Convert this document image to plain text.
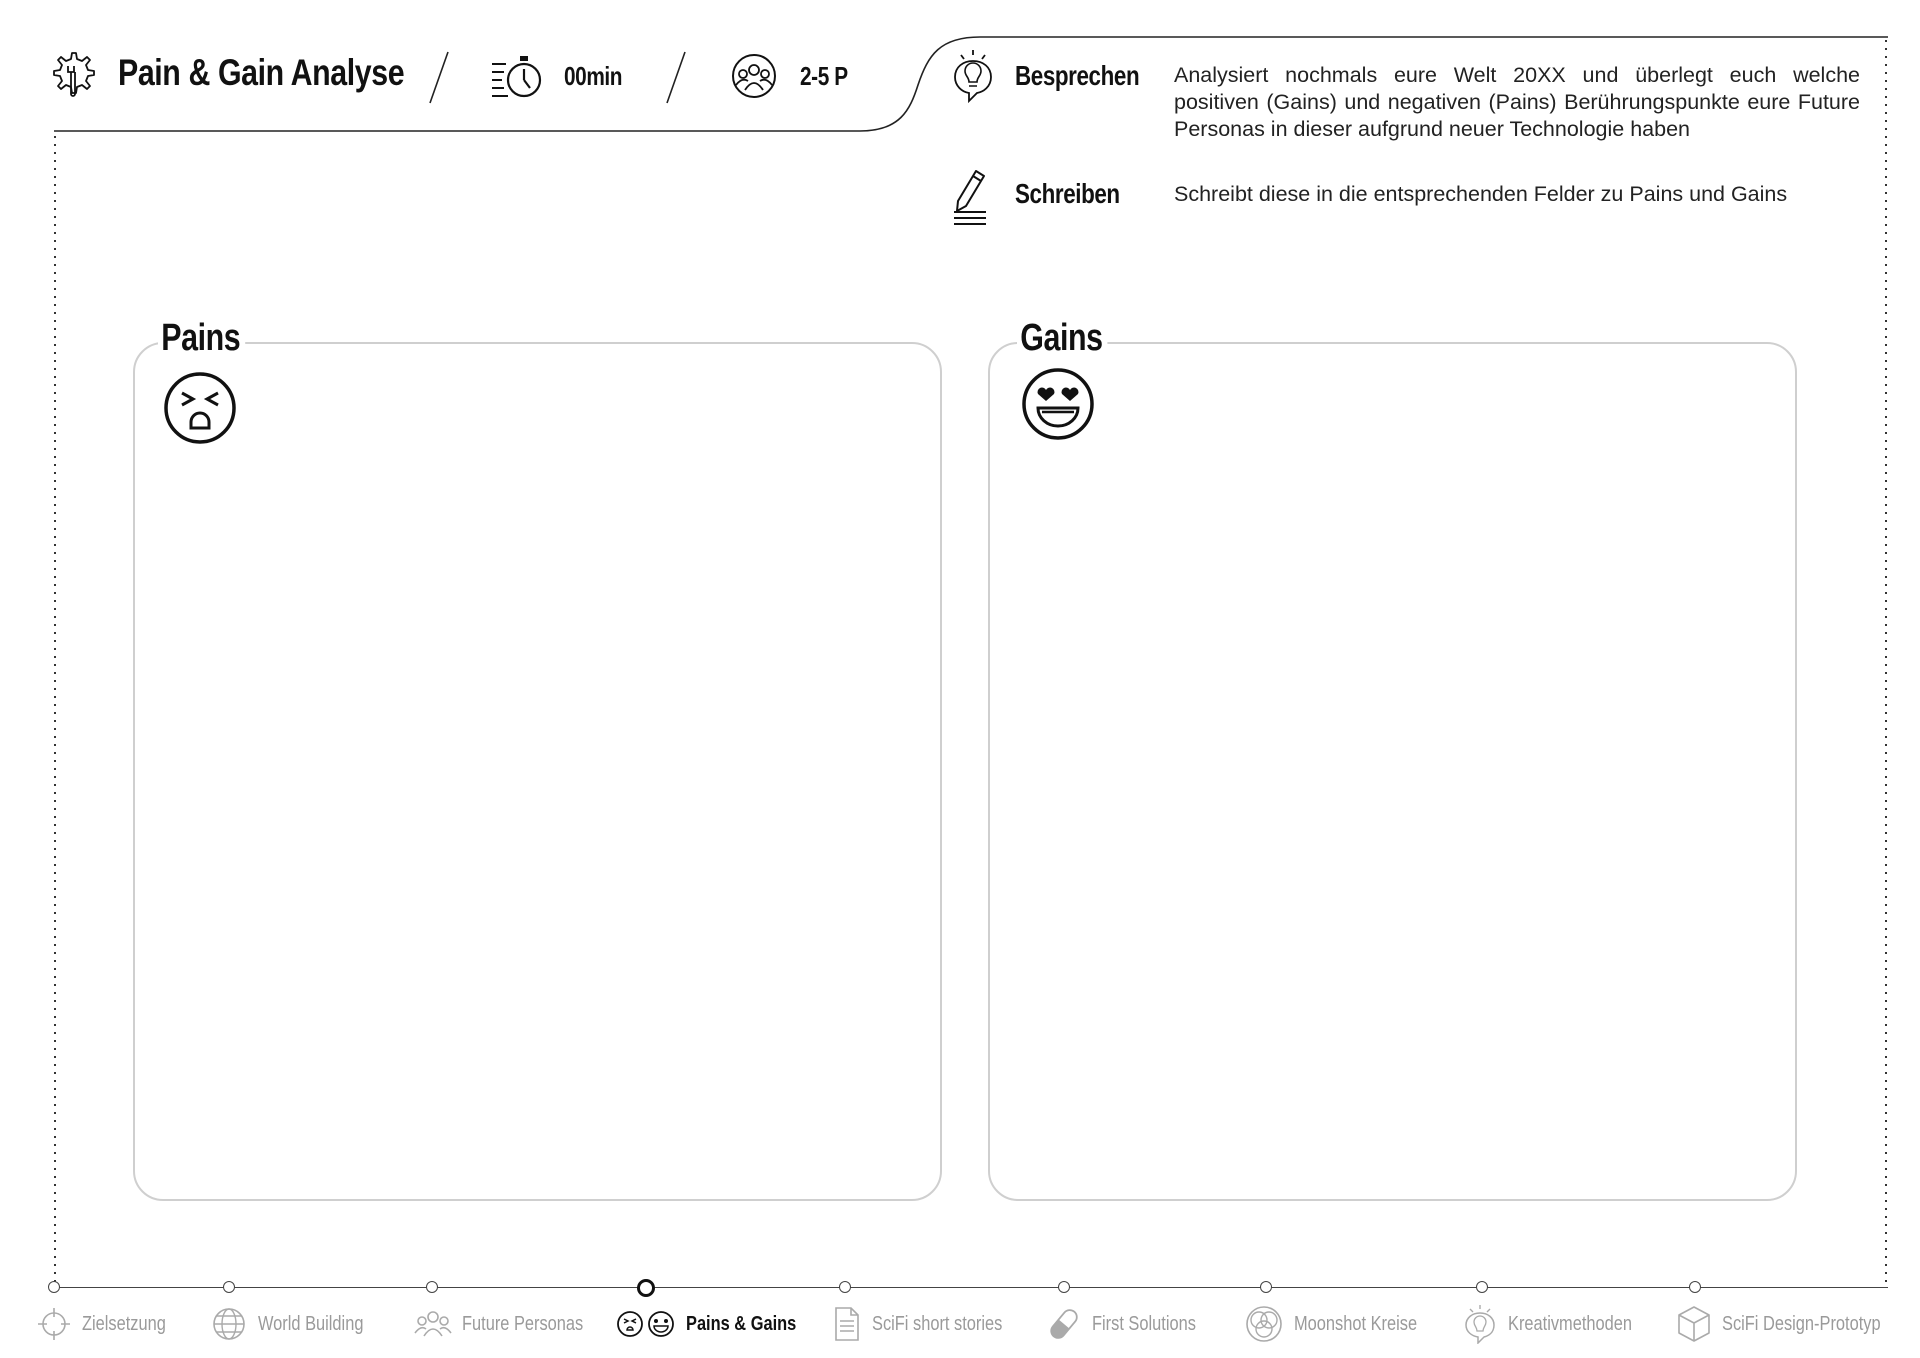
Pain & Gain Analyse	00min	2-5 P	Besprechen Analysiert nochmals eure Welt 20XX und überlegt euch welche positiven (Gains) und negativen (Pains) Berührungspunkte eure Future Personas in dieser aufgrund neuer Technologie haben
Schreiben	Schreibt diese in die entsprechenden Felder zu Pains und Gains
Pains	Gains
Zielsetzung	World Building	Future Personas	Pains & Gains	SciFi short stories	First Solutions	Moonshot Kreise	Kreativmethoden	SciFi Design-Prototyp
